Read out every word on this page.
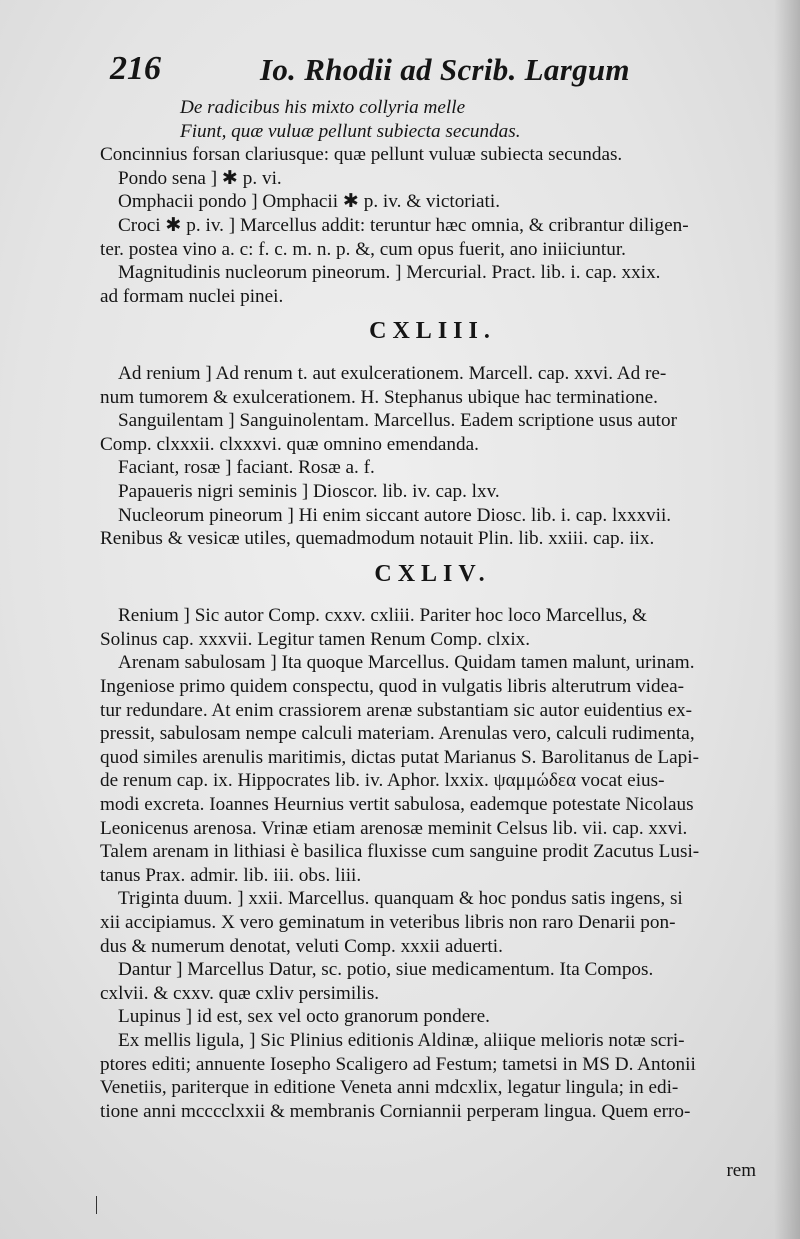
216	Io. Rhodii ad Scrib. Largum
De radicibus his mixto collyria melle
Fiunt, quæ vuluæ pellunt subiecta secundas.
Concinnius forsan clariusque: quæ pellunt vuluæ subiecta secundas.
Pondo sena ] ✱ p. vi.
Omphacii pondo ] Omphacii ✱ p. iv. & victoriati.
Croci ✱ p. iv. ] Marcellus addit: teruntur hæc omnia, & cribrantur diligen-
ter. postea vino a. c: f. c. m. n. p. &, cum opus fuerit, ano iniiciuntur.
Magnitudinis nucleorum pineorum. ] Mercurial. Pract. lib. i. cap. xxix.
ad formam nuclei pinei.
CXLIII.
Ad renium ] Ad renum t. aut exulcerationem. Marcell. cap. xxvi. Ad re-
num tumorem & exulcerationem. H. Stephanus ubique hac terminatione.
Sanguilentam ] Sanguinolentam. Marcellus. Eadem scriptione usus autor
Comp. clxxxii. clxxxvi. quæ omnino emendanda.
Faciant, rosæ ] faciant. Rosæ a. f.
Papaueris nigri seminis ] Dioscor. lib. iv. cap. lxv.
Nucleorum pineorum ] Hi enim siccant autore Diosc. lib. i. cap. lxxxvii.
Renibus & vesicæ utiles, quemadmodum notauit Plin. lib. xxiii. cap. iix.
CXLIV.
Renium ] Sic autor Comp. cxxv. cxliii. Pariter hoc loco Marcellus, &
Solinus cap. xxxvii. Legitur tamen Renum Comp. clxix.
Arenam sabulosam ] Ita quoque Marcellus. Quidam tamen malunt, urinam.
Ingeniose primo quidem conspectu, quod in vulgatis libris alterutrum videa-
tur redundare. At enim crassiorem arenæ substantiam sic autor euidentius ex-
pressit, sabulosam nempe calculi materiam. Arenulas vero, calculi rudimenta,
quod similes arenulis maritimis, dictas putat Marianus S. Barolitanus de Lapi-
de renum cap. ix. Hippocrates lib. iv. Aphor. lxxix. ψαμμώδεα vocat eius-
modi excreta. Ioannes Heurnius vertit sabulosa, eademque potestate Nicolaus
Leonicenus arenosa. Vrinæ etiam arenosæ meminit Celsus lib. vii. cap. xxvi.
Talem arenam in lithiasi è basilica fluxisse cum sanguine prodit Zacutus Lusi-
tanus Prax. admir. lib. iii. obs. liii.
Triginta duum. ] xxii. Marcellus. quanquam & hoc pondus satis ingens, si
xii accipiamus. X vero geminatum in veteribus libris non raro Denarii pon-
dus & numerum denotat, veluti Comp. xxxii aduerti.
Dantur ] Marcellus Datur, sc. potio, siue medicamentum. Ita Compos.
cxlvii. & cxxv. quæ cxliv persimilis.
Lupinus ] id est, sex vel octo granorum pondere.
Ex mellis ligula, ] Sic Plinius editionis Aldinæ, aliique melioris notæ scri-
ptores editi; annuente Iosepho Scaligero ad Festum; tametsi in MS D. Antonii
Venetiis, pariterque in editione Veneta anni mdcxlix, legatur lingula; in edi-
tione anni mcccclxxii & membranis Corniannii perperam lingua. Quem erro-
rem
